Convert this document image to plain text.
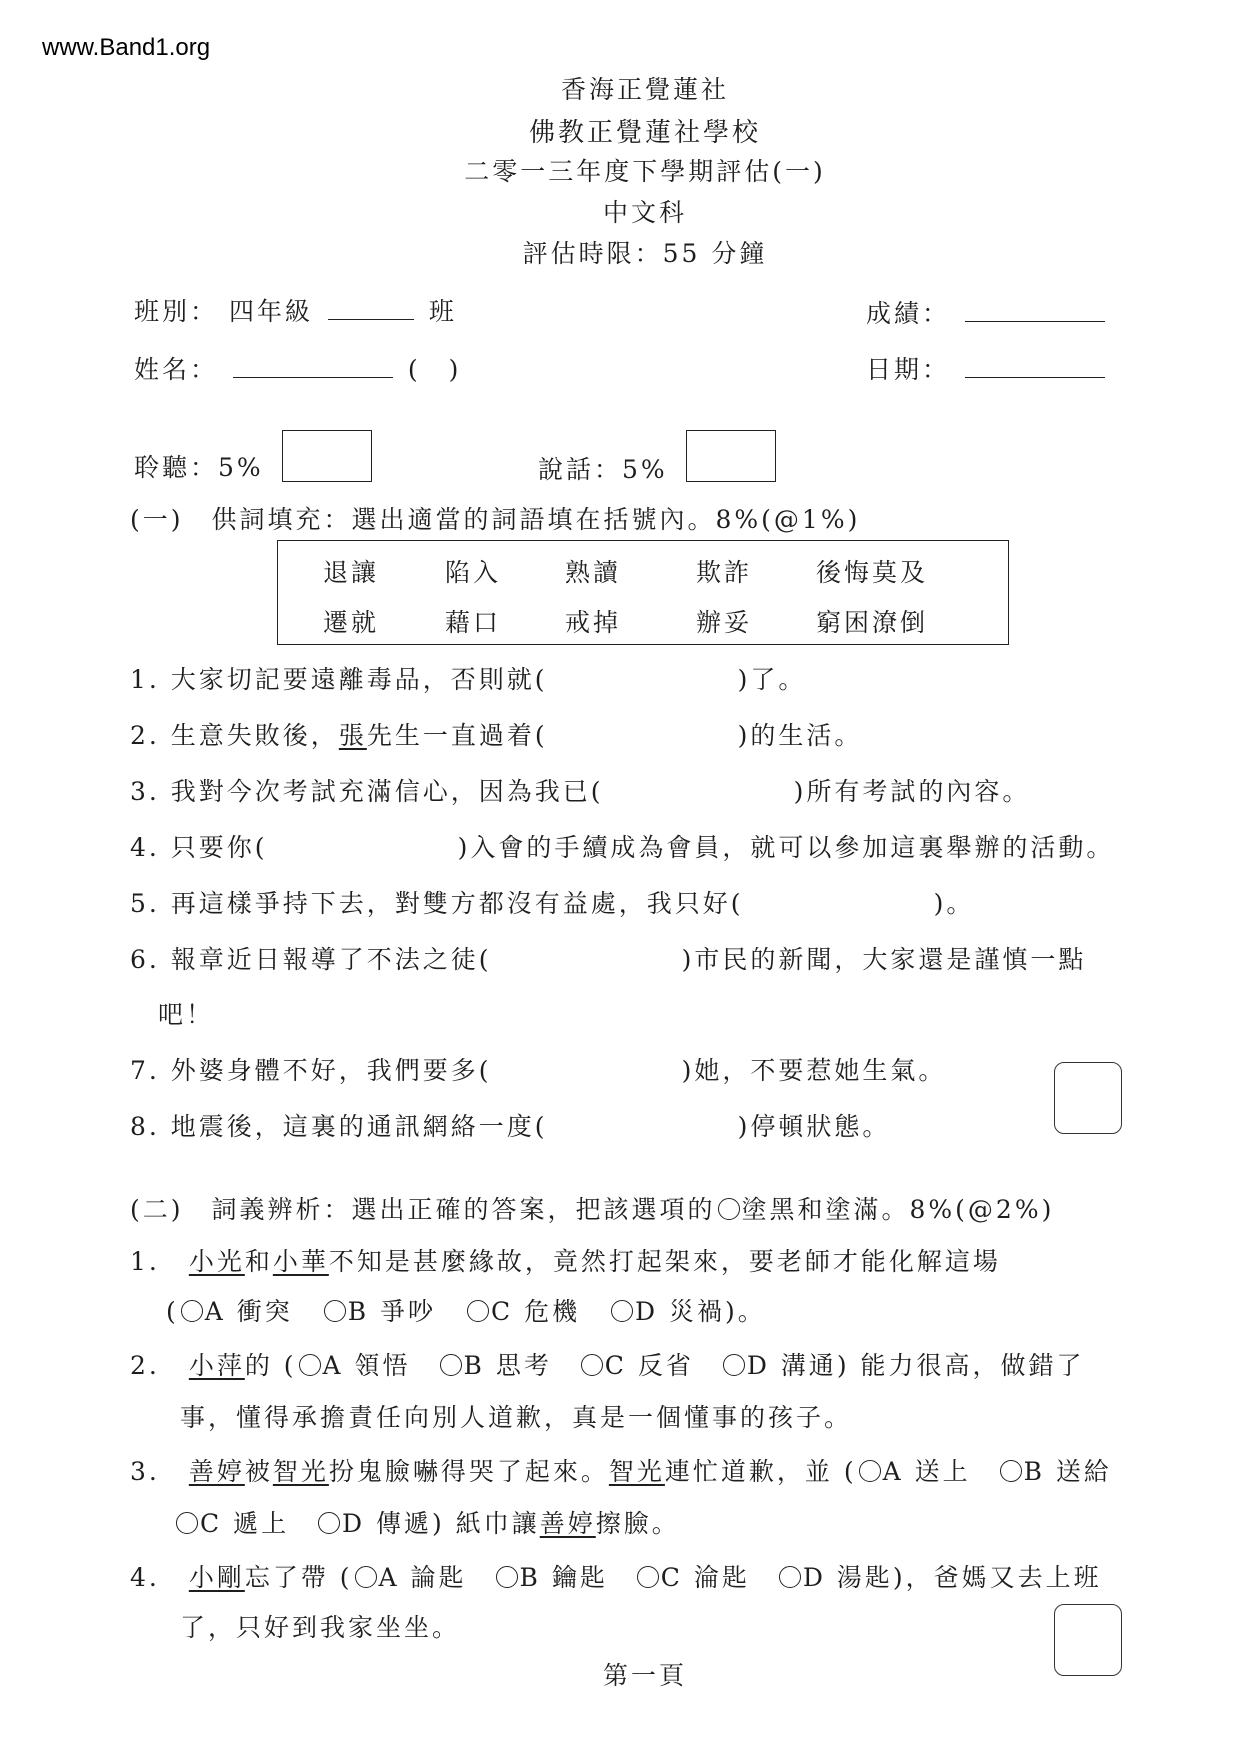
www.Band1.org
香海正覺蓮社
佛教正覺蓮社學校
二零一三年度下學期評估(一)
中文科
評估時限：55 分鐘
班別： 四年級	班	成績：
姓名：	(　)	日期：
聆聽：5%	說話：5%
(一)　供詞填充：選出適當的詞語填在括號內。8%(@1%)
退讓	陷入	熟讀	欺詐	後悔莫及
遷就	藉口	戒掉	辦妥	窮困潦倒
1. 大家切記要遠離毒品，否則就(	)了。
2. 生意失敗後，張先生一直過着(	)的生活。
3. 我對今次考試充滿信心，因為我已(	)所有考試的內容。
4. 只要你(	)入會的手續成為會員，就可以參加這裏舉辦的活動。
5. 再這樣爭持下去，對雙方都沒有益處，我只好(	)。
6. 報章近日報導了不法之徒(	)市民的新聞，大家還是謹慎一點
吧！
7. 外婆身體不好，我們要多(	)她，不要惹她生氣。
8. 地震後，這裏的通訊網絡一度(	)停頓狀態。
(二)　詞義辨析：選出正確的答案，把該選項的 塗黑和塗滿。8%(@2%)
1. 小光和小華不知是甚麼緣故，竟然打起架來，要老師才能化解這場
( A 衝突 B 爭吵 C 危機 D 災禍)。
2. 小萍的 ( A 領悟 B 思考 C 反省 D 溝通) 能力很高，做錯了
事，懂得承擔責任向別人道歉，真是一個懂事的孩子。
3. 善婷被智光扮鬼臉嚇得哭了起來。智光連忙道歉，並 ( A 送上 B 送給
C 遞上 D 傳遞) 紙巾讓善婷擦臉。
4. 小剛忘了帶 ( A 論匙 B 鑰匙 C 淪匙 D 湯匙)，爸媽又去上班
了，只好到我家坐坐。
第一頁
